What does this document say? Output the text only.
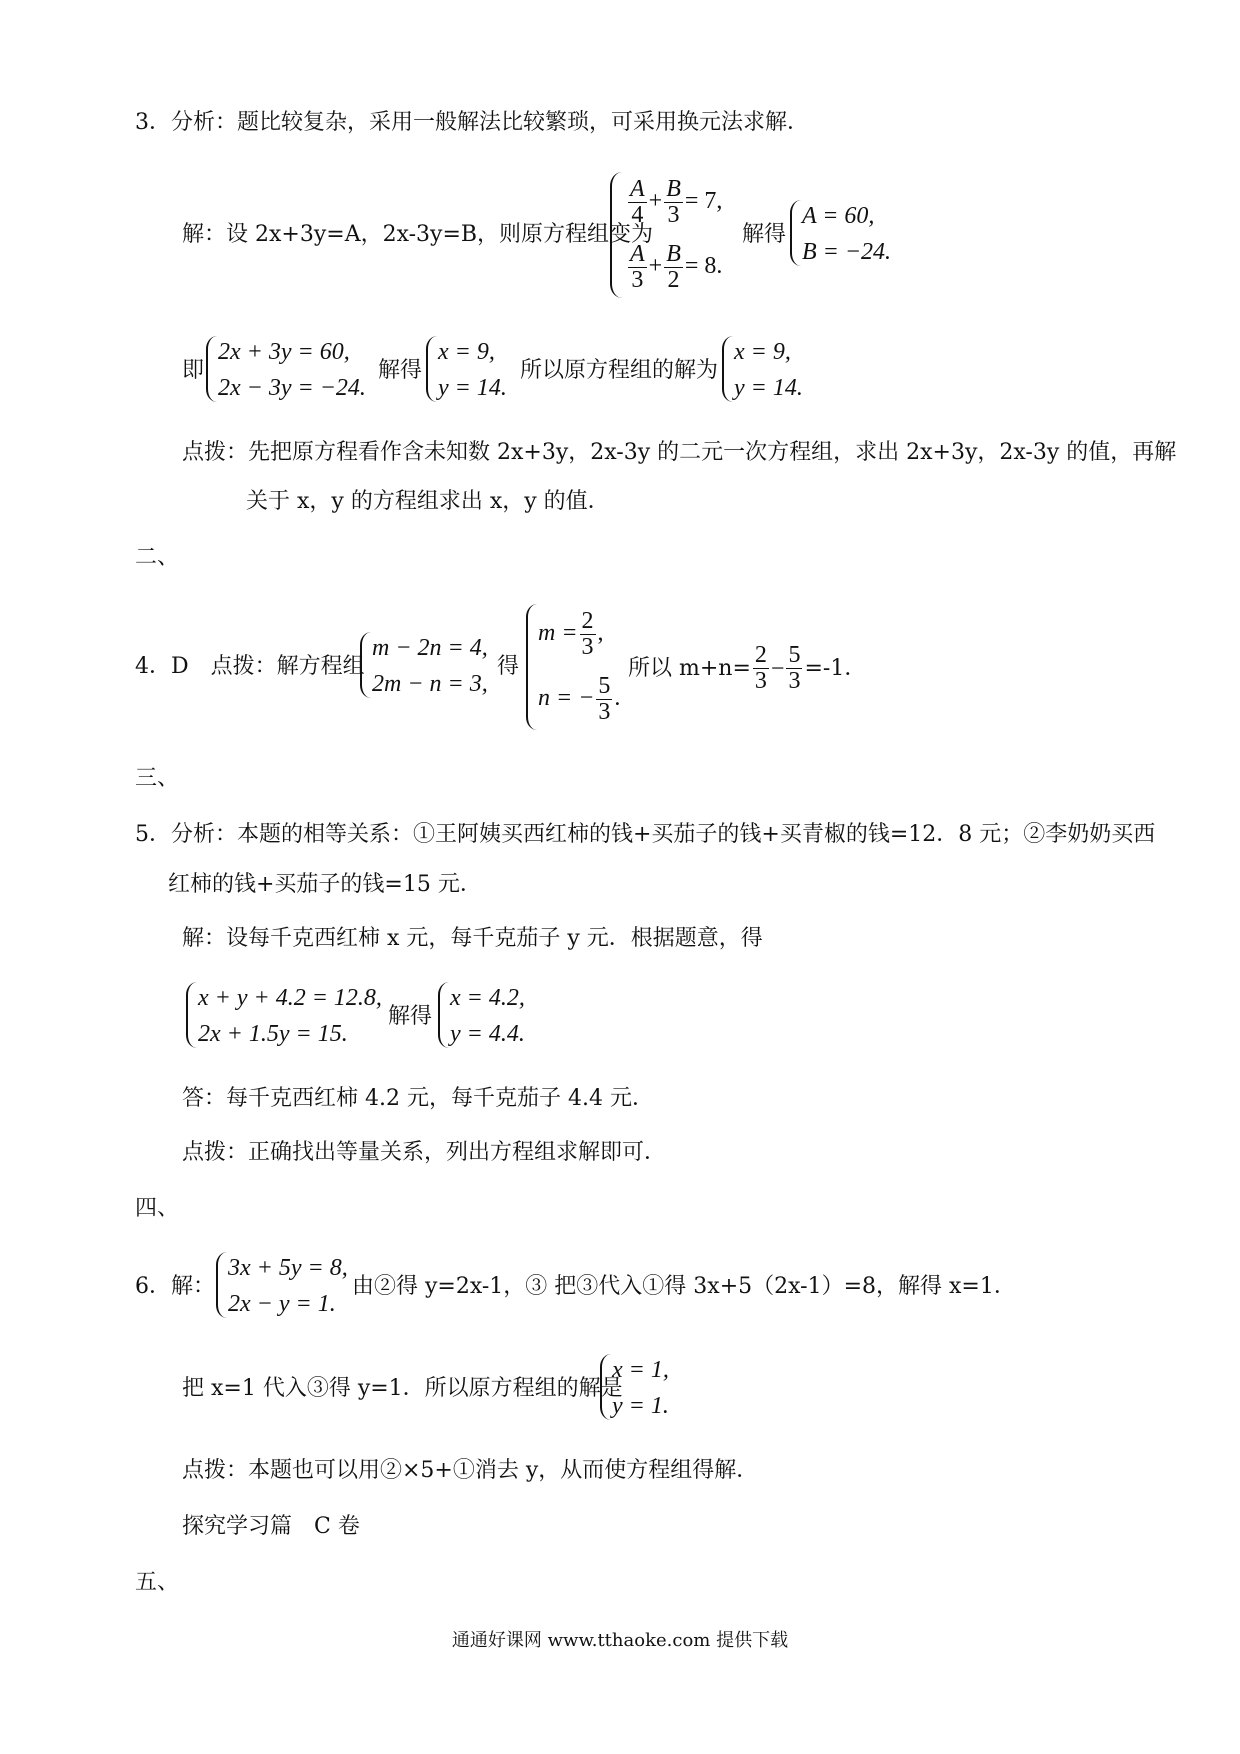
3．分析：题比较复杂，采用一般解法比较繁琐，可采用换元法求解．
解：设 2x+3y=A，2x-3y=B，则原方程组变为
$\frac{A}{4} + \frac{B}{3} = 7$,
$\frac{A}{3} + \frac{B}{2} = 8$.
解得
A = 60,
B = −24.
即
2x + 3y = 60,
2x − 3y = −24.
解得
x = 9,
y = 14.
所以原方程组的解为
x = 9,
y = 14.
点拨：先把原方程看作含未知数 2x+3y，2x-3y 的二元一次方程组，求出 2x+3y，2x-3y 的值，再解
关于 x，y 的方程组求出 x，y 的值．
二、
4．D　点拨：解方程组
m − 2n = 4,
2m − n = 3,
得
$m = \frac{2}{3}$ ,
n = − $\frac{5}{3}$ .
所以 $m+n= \frac{2}{3} - \frac{5}{3} =-1$．
三、
5．分析：本题的相等关系：①王阿姨买西红柿的钱+买茄子的钱+买青椒的钱=12．8 元；②李奶奶买西
红柿的钱+买茄子的钱=15 元．
解：设每千克西红柿 x 元，每千克茄子 y 元．根据题意，得
x + y + 4.2 = 12.8,
2x + 1.5y = 15.
解得
x = 4.2,
y = 4.4.
答：每千克西红柿 4.2 元，每千克茄子 4.4 元．
点拨：正确找出等量关系，列出方程组求解即可．
四、
6．解：
3x + 5y = 8,
2x − y = 1.
由②得 y=2x-1，③ 把③代入①得 3x+5（2x-1）=8，解得 x=1．
把 x=1 代入③得 y=1．所以原方程组的解是
x = 1,
y = 1.
点拨：本题也可以用②×5+①消去 y，从而使方程组得解．
探究学习篇　C 卷
五、
通通好课网 www.tthaoke.com 提供下载
